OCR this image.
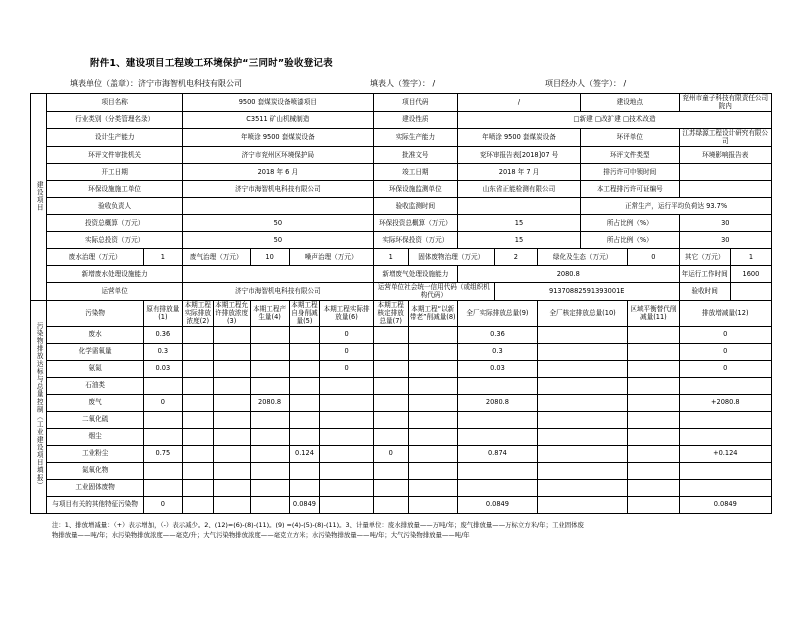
附件1、建设项目工程竣工环境保护“三同时”验收登记表
填表单位（盖章）：济宁市海智机电科技有限公司	填表人（签字）： /	项目经办人（签字）： /
建设项目	项目名称		9500 套煤炭设备喷漆项目					项目代码		/			建设地点		兖州市童子科技有限责任公司院内	
	行业类别（分类管理名录）		C3511 矿山机械制造					建设性质		□新建 □改扩建 □技术改造						
	设计生产能力		年喷涂 9500 套煤炭设备					实际生产能力		年喷涂 9500 套煤炭设备			环评单位		江苏绿源工程设计研究有限公司	
	环评文件审批机关		济宁市兖州区环境保护局					批准文号		兖环审报告表[2018]07 号			环评文件类型		环境影响报告表	
	开工日期		2018 年 6 月					竣工日期		2018 年 7 月			排污许可申领时间			
	环保设施施工单位		济宁市海智机电科技有限公司					环保设施监测单位		山东省正能检测有限公司			本工程排污许可证编号			
	验收负责人							验收监测时间					正常生产，运行平均负荷达 93.7%			
	投资总概算（万元）		50					环保投资总概算（万元）		15			所占比例（%）		30	
	实际总投资（万元）		50					实际环保投资（万元）		15			所占比例（%）		30	
	废水治理（万元）	1	废气治理（万元）		10	噪声治理（万元）		1	固体废物治理（万元）		2	绿化及生态（万元）		0	其它（万元）	1
	新增废水处理设施能力							新增废气处理设施能力		2080.8					年运行工作时间	1600
	运营单位		济宁市海智机电科技有限公司					运营单位社会统一信用代码（或组织机构代码）			91370882591393001E				验收时间	
污染物排放达标与总量控制（工业建设项目填报）	污染物	原有排放量(1)	本期工程实际排放浓度(2)	本期工程允许排放浓度(3)	本期工程产生量(4)	本期工程自身削减量(5)	本期工程实际排放量(6)	本期工程核定排放总量(7)	本期工程“以新带老”削减量(8)	全厂实际排放总量(9)		全厂核定排放总量(10)		区域平衡替代削减量(11)	排放增减量(12)	
	废水	0.36					0			0.36					0	
	化学需氧量	0.3					0			0.3					0	
	氨氮	0.03					0			0.03					0	
	石油类															
	废气	0			2080.8					2080.8					+2080.8	
	二氧化硫															
	烟尘															
	工业粉尘	0.75				0.124		0		0.874					+0.124	
	氮氧化物															
	工业固体废物															
	与项目有关的其他特征污染物	0				0.0849				0.0849					0.0849	

注：1、排放增减量：（+）表示增加，（-）表示减少。2、(12)=(6)-(8)-(11)。(9) =(4)-(5)-(8)-(11)。3、计量单位：废水排放量——万吨/年；废气排放量——万标立方米/年；工业固体废

物排放量——吨/年；水污染物排放浓度——毫克/升；大气污染物排放浓度——毫克立方米；水污染物排放量——吨/年；大气污染物排放量——吨/年
